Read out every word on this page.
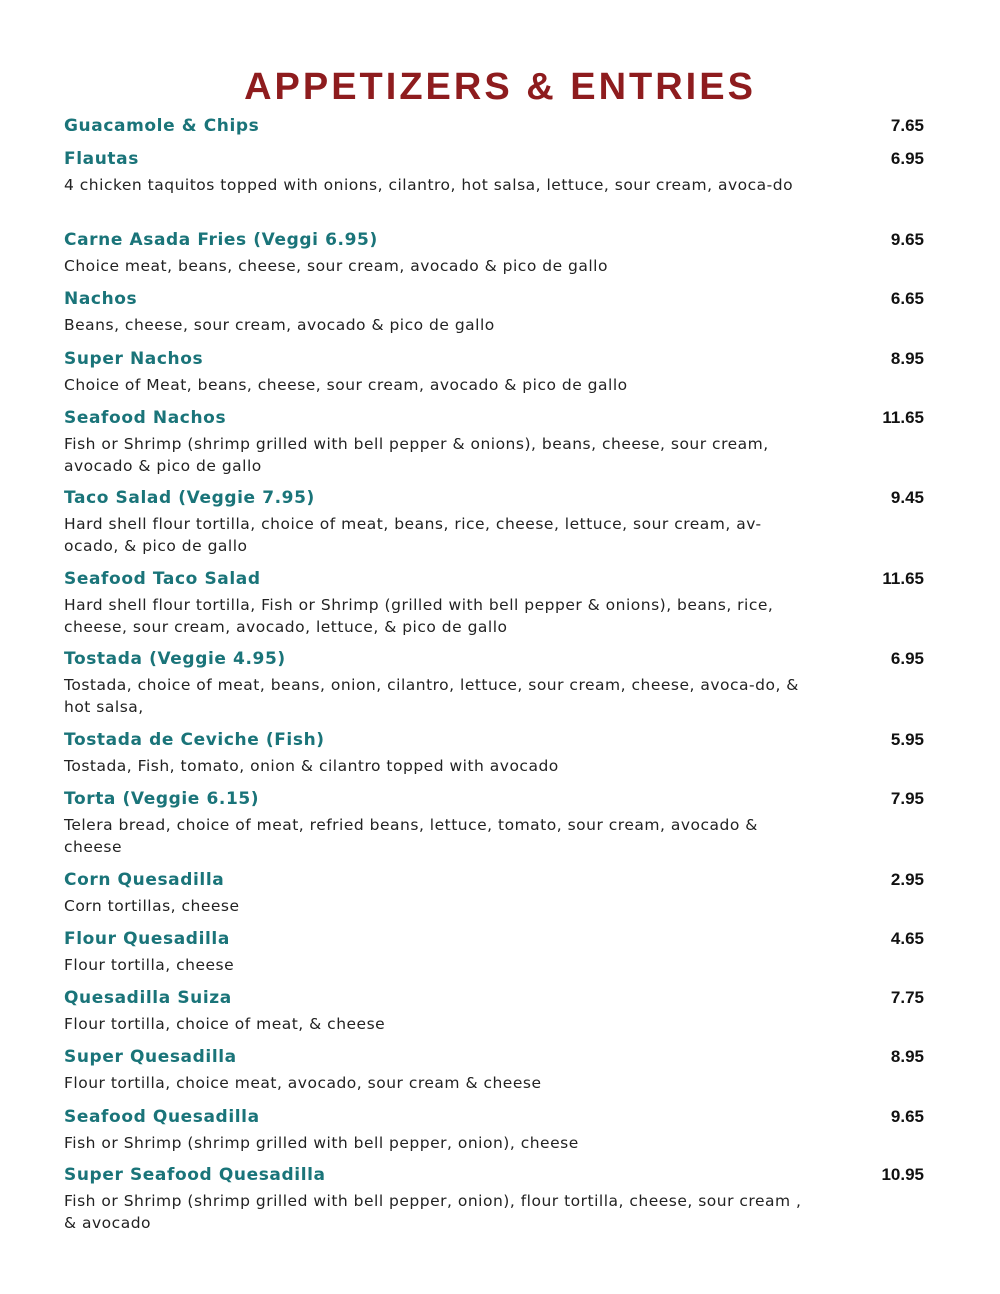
APPETIZERS & ENTRIES
Guacamole & Chips	7.65
Flautas	6.95
4 chicken taquitos topped with onions, cilantro, hot salsa, lettuce, sour cream, avoca-do
Carne Asada Fries (Veggi 6.95)	9.65
Choice meat, beans, cheese, sour cream, avocado & pico de gallo
Nachos	6.65
Beans, cheese, sour cream, avocado & pico de gallo
Super Nachos	8.95
Choice of Meat, beans, cheese, sour cream, avocado & pico de gallo
Seafood Nachos	11.65
Fish or Shrimp (shrimp grilled with bell pepper & onions), beans, cheese, sour cream, avocado & pico de gallo
Taco Salad (Veggie 7.95)	9.45
Hard shell flour tortilla, choice of meat, beans, rice, cheese, lettuce, sour cream, av-ocado, & pico de gallo
Seafood Taco Salad	11.65
Hard shell flour tortilla, Fish or Shrimp (grilled with bell pepper & onions), beans, rice, cheese, sour cream, avocado, lettuce, & pico de gallo
Tostada (Veggie 4.95)	6.95
Tostada, choice of meat, beans, onion, cilantro, lettuce, sour cream, cheese, avoca-do, & hot salsa,
Tostada de Ceviche (Fish)	5.95
Tostada, Fish, tomato, onion & cilantro topped with avocado
Torta (Veggie 6.15)	7.95
Telera bread, choice of meat, refried beans, lettuce, tomato, sour cream, avocado & cheese
Corn Quesadilla	2.95
Corn tortillas, cheese
Flour Quesadilla	4.65
Flour tortilla, cheese
Quesadilla Suiza	7.75
Flour tortilla, choice of meat, & cheese
Super Quesadilla	8.95
Flour tortilla, choice meat, avocado, sour cream & cheese
Seafood Quesadilla	9.65
Fish or Shrimp (shrimp grilled with bell pepper, onion), cheese
Super Seafood Quesadilla	10.95
Fish or Shrimp (shrimp grilled with bell pepper, onion), flour tortilla, cheese, sour cream , & avocado
